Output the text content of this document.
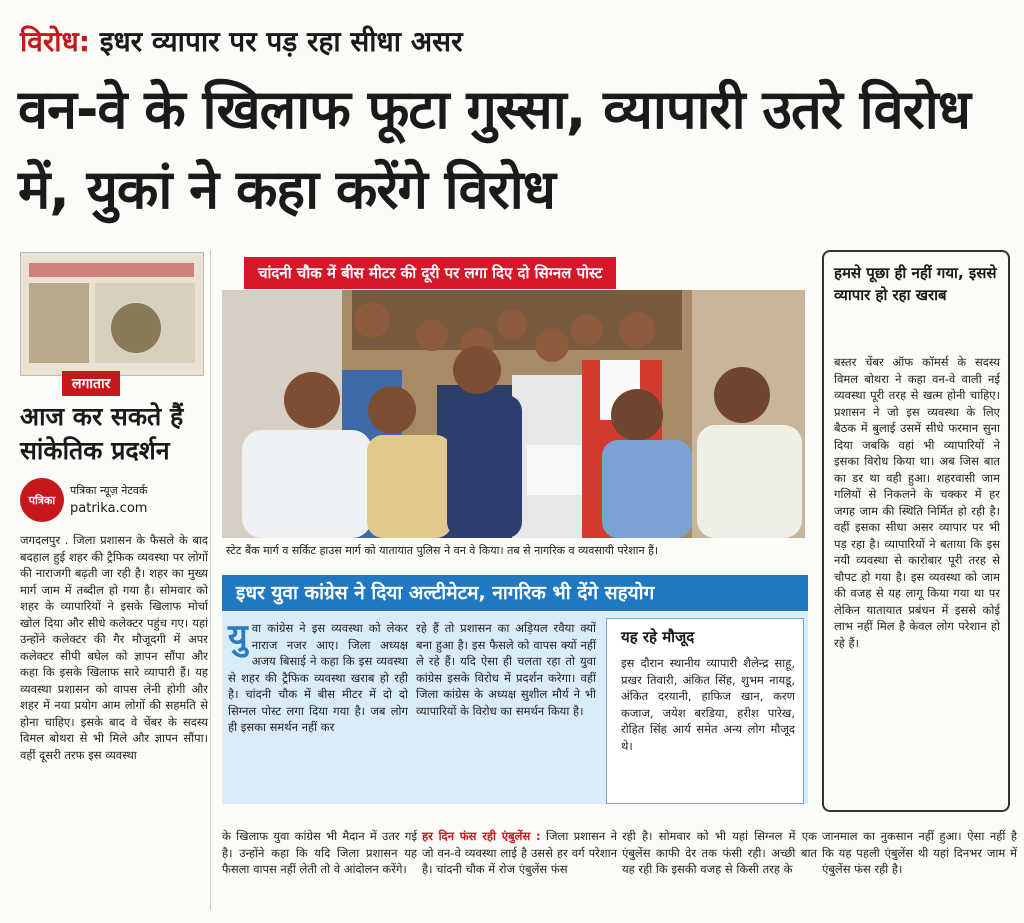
विरोध: इधर व्यापार पर पड़ रहा सीधा असर
वन-वे के खिलाफ फूटा गुस्सा, व्यापारी उतरे विरोध में, युकां ने कहा करेंगे विरोध
लगातार
आज कर सकते हैं सांकेतिक प्रदर्शन
पत्रिका
पत्रिका न्यूज़ नेटवर्क
patrika.com
जगदलपुर . जिला प्रशासन के फैसले के बाद बदहाल हुई शहर की ट्रैफिक व्यवस्था पर लोगों की नाराजगी बढ़ती जा रही है। शहर का मुख्य मार्ग जाम में तब्दील हो गया है। सोमवार को शहर के व्यापारियों ने इसके खिलाफ मोर्चा खोल दिया और सीधे कलेक्टर पहुंच गए। यहां उन्होंने कलेक्टर की गैर मौजूदगी में अपर कलेक्टर सीपी बघेल को ज्ञापन सौंपा और कहा कि इसके खिलाफ सारे व्यापारी हैं। यह व्यवस्था प्रशासन को वापस लेनी होगी और शहर में नया प्रयोग आम लोगों की सहमति से होना चाहिए। इसके बाद वे चेंबर के सदस्य विमल बोथरा से भी मिले और ज्ञापन सौंपा। वहीं दूसरी तरफ इस व्यवस्था
चांदनी चौक में बीस मीटर की दूरी पर लगा दिए दो सिग्नल पोस्ट
स्टेट बैंक मार्ग व सर्किट हाउस मार्ग को यातायात पुलिस ने वन वे किया। तब से नागरिक व व्यवसायी परेशान हैं।
इधर युवा कांग्रेस ने दिया अल्टीमेटम, नागरिक भी देंगे सहयोग
युवा कांग्रेस ने इस व्यवस्था को लेकर नाराज नजर आए। जिला अध्यक्ष अजय बिसाई ने कहा कि इस व्यवस्था से शहर की ट्रैफिक व्यवस्था खराब हो रही है। चांदनी चौक में बीस मीटर में दो दो सिग्नल पोस्ट लगा दिया गया है। जब लोग ही इसका समर्थन नहीं कर
रहे हैं तो प्रशासन का अड़ियल रवैया क्यों बना हुआ है। इस फैसले को वापस क्यों नहीं ले रहे हैं। यदि ऐसा ही चलता रहा तो युवा कांग्रेस इसके विरोध में प्रदर्शन करेगा। वहीं जिला कांग्रेस के अध्यक्ष सुशील मौर्य ने भी व्यापारियों के विरोध का समर्थन किया है।
यह रहे मौजूद
इस दौरान स्थानीय व्यापारी शैलेन्द्र साहू, प्रखर तिवारी, अंकित सिंह, शुभम नायडू, अंकित दरयानी, हाफिज खान, करण कजाज, जयेश बरडिया, हरीश पारेख, रोहित सिंह आर्य समेत अन्य लोग मौजूद थे।
हमसे पूछा ही नहीं गया, इससे व्यापार हो रहा खराब
बस्तर चेंबर ऑफ कॉमर्स के सदस्य विमल बोथरा ने कहा वन-वे वाली नई व्यवस्था पूरी तरह से खत्म होनी चाहिए। प्रशासन ने जो इस व्यवस्था के लिए बैठक में बुलाई उसमें सीधे फरमान सुना दिया जबकि वहां भी व्यापारियों ने इसका विरोध किया था। अब जिस बात का डर था वही हुआ। शहरवासी जाम गलियों से निकलने के चक्कर में हर जगह जाम की स्थिति निर्मित हो रही है। वहीं इसका सीधा असर व्यापार पर भी पड़ रहा है। व्यापारियों ने बताया कि इस नयी व्यवस्था से कारोबार पूरी तरह से चौपट हो गया है। इस व्यवस्था को जाम की वजह से यह लागू किया गया था पर लेकिन यातायात प्रबंधन में इससे कोई लाभ नहीं मिल है केवल लोग परेशान हो रहे हैं।
के खिलाफ युवा कांग्रेस भी मैदान में उतर गई है। उन्होंने कहा कि यदि जिला प्रशासन यह फैसला वापस नहीं लेती तो वे आंदोलन करेंगे।
हर दिन फंस रही एंबुलेंस : जिला प्रशासन ने जो वन-वे व्यवस्था लाई है उससे हर वर्ग परेशान है। चांदनी चौक में रोज एंबुलेंस फंस
रही है। सोमवार को भी यहां सिग्नल में एक एंबुलेंस काफी देर तक फंसी रही। अच्छी बात यह रही कि इसकी वजह से किसी तरह के
जानमाल का नुकसान नहीं हुआ। ऐसा नहीं है कि यह पहली एंबुलेंस थी यहां दिनभर जाम में एंबुलेंस फंस रही है।
